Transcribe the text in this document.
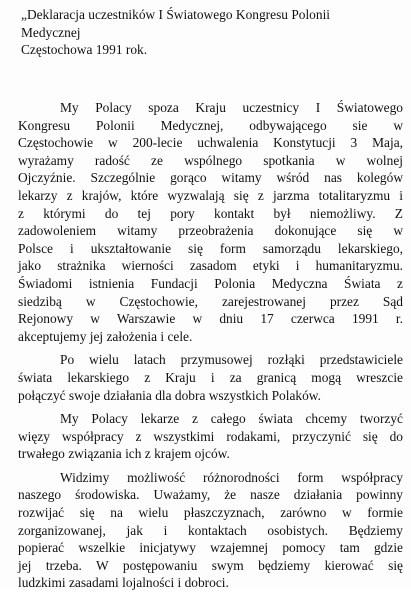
„Deklaracja uczestników I Światowego Kongresu Polonii
Medycznej
Częstochowa 1991 rok.
My Polacy spoza Kraju uczestnicy I Światowego
Kongresu Polonii Medycznej, odbywającego sie w
Częstochowie w 200-lecie uchwalenia Konstytucji 3 Maja,
wyrażamy radość ze wspólnego spotkania w wolnej
Ojczyźnie. Szczególnie gorąco witamy wśród nas kolegów
lekarzy z krajów, które wyzwalają się z jarzma totalitaryzmu i
z którymi do tej pory kontakt był niemożliwy. Z
zadowoleniem witamy przeobrażenia dokonujące się w
Polsce i ukształtowanie się form samorządu lekarskiego,
jako strażnika wierności zasadom etyki i humanitaryzmu.
Świadomi istnienia Fundacji Polonia Medyczna Świata z
siedzibą w Częstochowie, zarejestrowanej przez Sąd
Rejonowy w Warszawie w dniu 17 czerwca 1991 r.
akceptujemy jej założenia i cele.
Po wielu latach przymusowej rozłąki przedstawiciele
świata lekarskiego z Kraju i za granicą mogą wreszcie
połączyć swoje działania dla dobra wszystkich Polaków.
My Polacy lekarze z całego świata chcemy tworzyć
więzy współpracy z wszystkimi rodakami, przyczynić się do
trwałego związania ich z krajem ojców.
Widzimy możliwość różnorodności form współpracy
naszego środowiska. Uważamy, że nasze działania powinny
rozwijać się na wielu płaszczyznach, zarówno w formie
zorganizowanej, jak i kontaktach osobistych. Będziemy
popierać wszelkie inicjatywy wzajemnej pomocy tam gdzie
jej trzeba. W postępowaniu swym będziemy kierować się
ludzkimi zasadami lojalności i dobroci.
